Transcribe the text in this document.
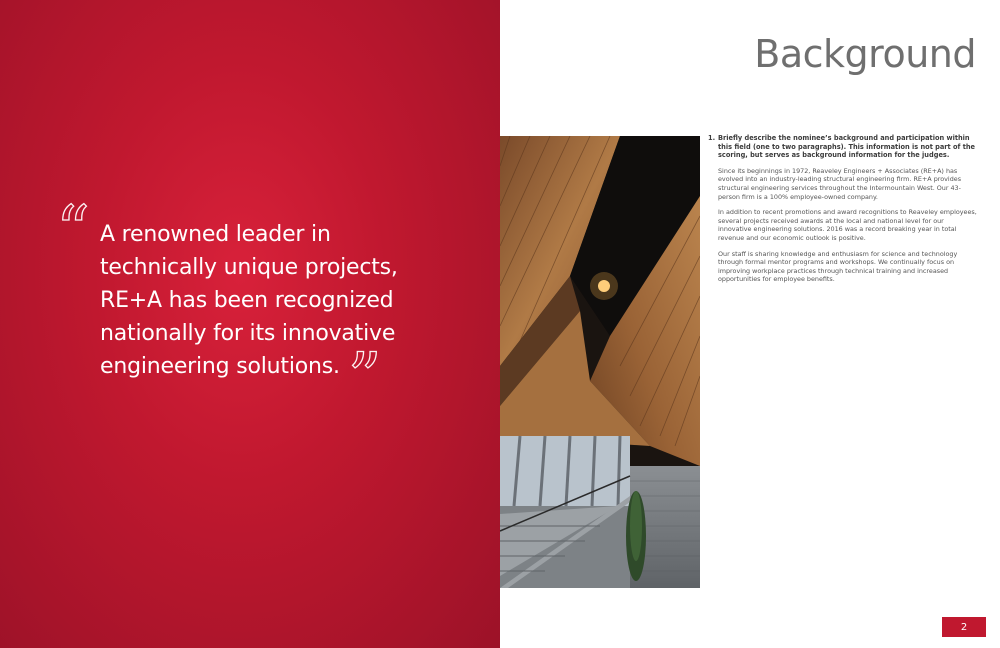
“ A renowned leader in
technically unique projects,
RE+A has been recognized
nationally for its innovative
engineering solutions. ”

Background
1. Briefly describe the nominee’s background and participation within this field (one to two paragraphs). This information is not part of the scoring, but serves as background information for the judges.

Since its beginnings in 1972, Reaveley Engineers + Associates (RE+A) has evolved into an industry-leading structural engineering firm. RE+A provides structural engineering services throughout the Intermountain West. Our 43-person firm is a 100% employee-owned company.

In addition to recent promotions and award recognitions to Reaveley employees, several projects received awards at the local and national level for our innovative engineering solutions. 2016 was a record breaking year in total revenue and our economic outlook is positive.

Our staff is sharing knowledge and enthusiasm for science and technology through formal mentor programs and workshops. We continually focus on improving workplace practices through technical training and increased opportunities for employee benefits.

2
